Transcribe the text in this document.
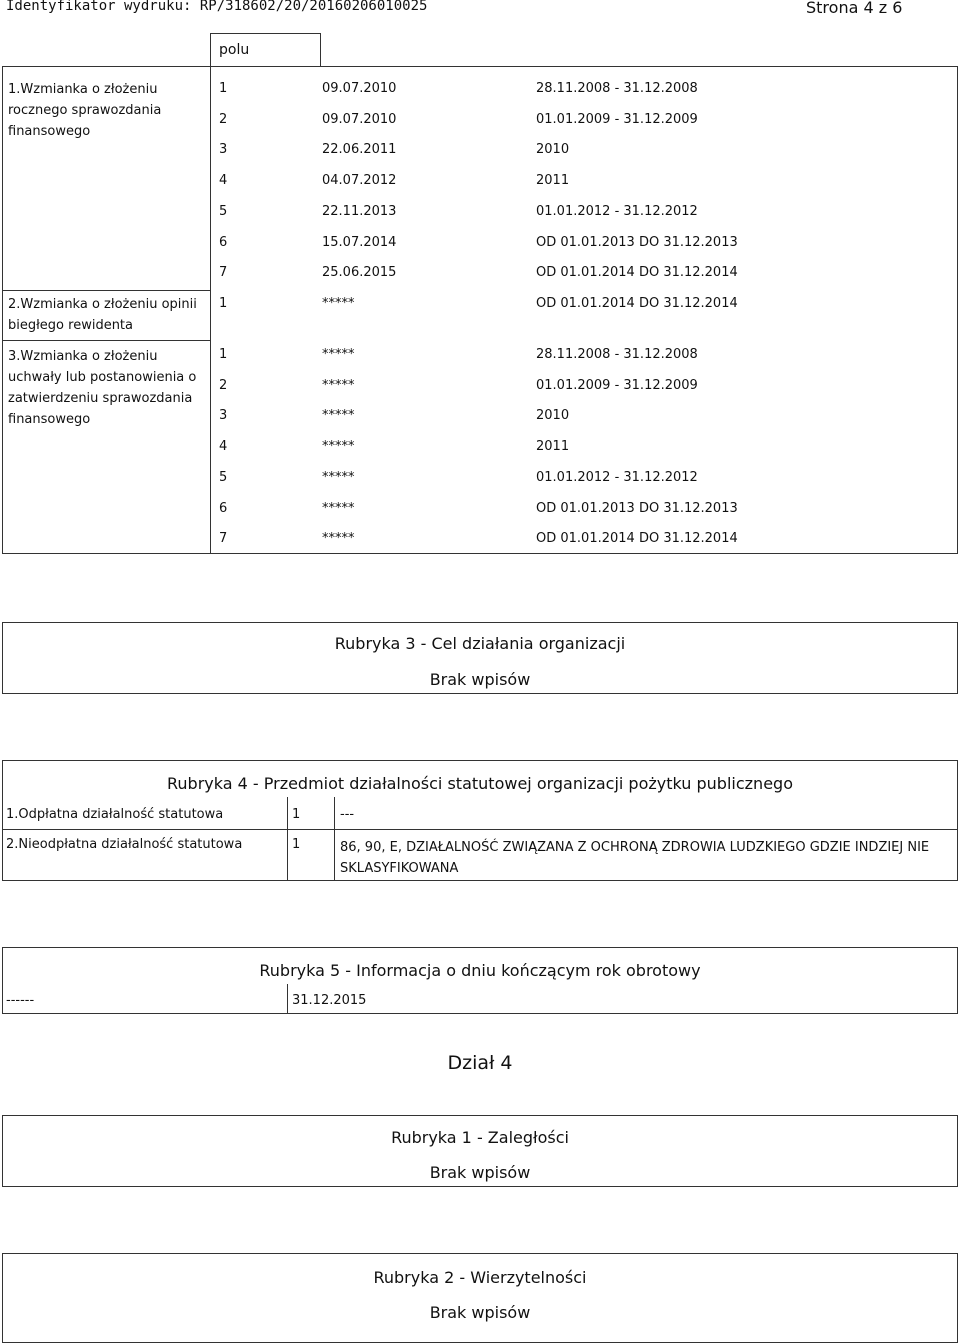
Identyfikator wydruku: RP/318602/20/20160206010025	Strona 4 z 6
polu
1.Wzmianka o złożeniu rocznego sprawozdania finansowego
1	09.07.2010	28.11.2008 - 31.12.2008
2	09.07.2010	01.01.2009 - 31.12.2009
3	22.06.2011	2010
4	04.07.2012	2011
5	22.11.2013	01.01.2012 - 31.12.2012
6	15.07.2014	OD 01.01.2013 DO 31.12.2013
7	25.06.2015	OD 01.01.2014 DO 31.12.2014
2.Wzmianka o złożeniu opinii biegłego rewidenta
1	*****	OD 01.01.2014 DO 31.12.2014
3.Wzmianka o złożeniu uchwały lub postanowienia o zatwierdzeniu sprawozdania finansowego
1	*****	28.11.2008 - 31.12.2008
2	*****	01.01.2009 - 31.12.2009
3	*****	2010
4	*****	2011
5	*****	01.01.2012 - 31.12.2012
6	*****	OD 01.01.2013 DO 31.12.2013
7	*****	OD 01.01.2014 DO 31.12.2014
Rubryka 3 - Cel działania organizacji
Brak wpisów
Rubryka 4 - Przedmiot działalności statutowej organizacji pożytku publicznego
1.Odpłatna działalność statutowa	1	---
2.Nieodpłatna działalność statutowa	1	86, 90, E, DZIAŁALNOŚĆ ZWIĄZANA Z OCHRONĄ ZDROWIA LUDZKIEGO GDZIE INDZIEJ NIE SKLASYFIKOWANA
Rubryka 5 - Informacja o dniu kończącym rok obrotowy
------	31.12.2015
Dział 4
Rubryka 1 - Zaległości
Brak wpisów
Rubryka 2 - Wierzytelności
Brak wpisów
